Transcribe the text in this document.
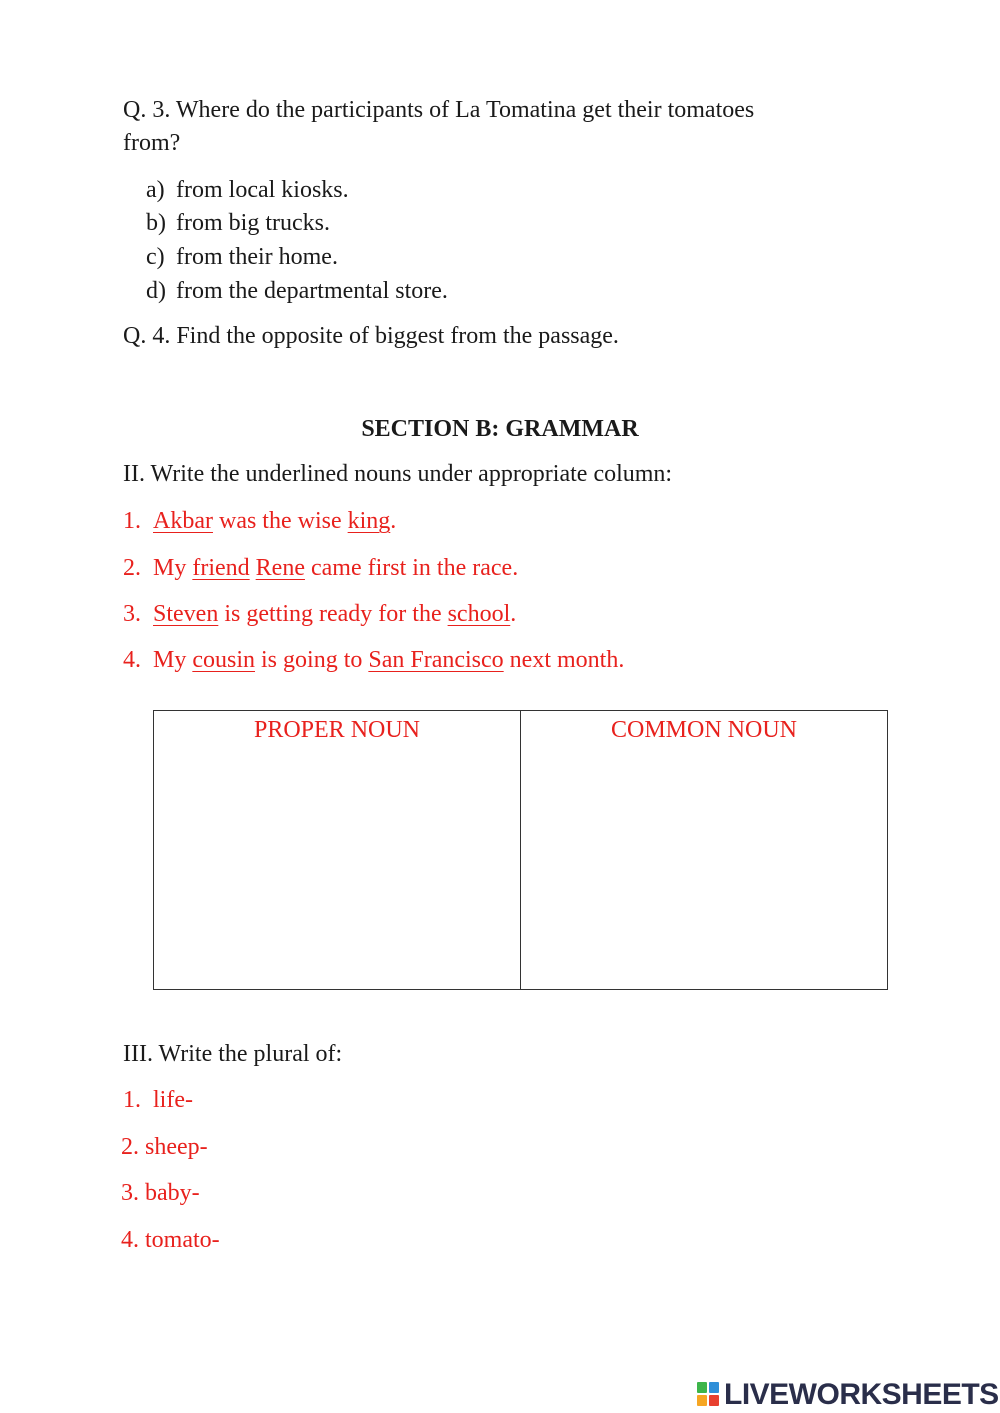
Q. 3. Where do the participants of La Tomatina get their tomatoes
from?
a) from local kiosks.
b) from big trucks.
c) from their home.
d) from the departmental store.
Q. 4. Find the opposite of biggest from the passage.
SECTION B: GRAMMAR
II. Write the underlined nouns under appropriate column:
1. Akbar was the wise king.
2. My friend Rene came first in the race.
3. Steven is getting ready for the school.
4. My cousin is going to San Francisco next month.
PROPER NOUN	COMMON NOUN
III. Write the plural of:
1.  life-
2. sheep-
3. baby-
4. tomato-
LIVEWORKSHEETS
